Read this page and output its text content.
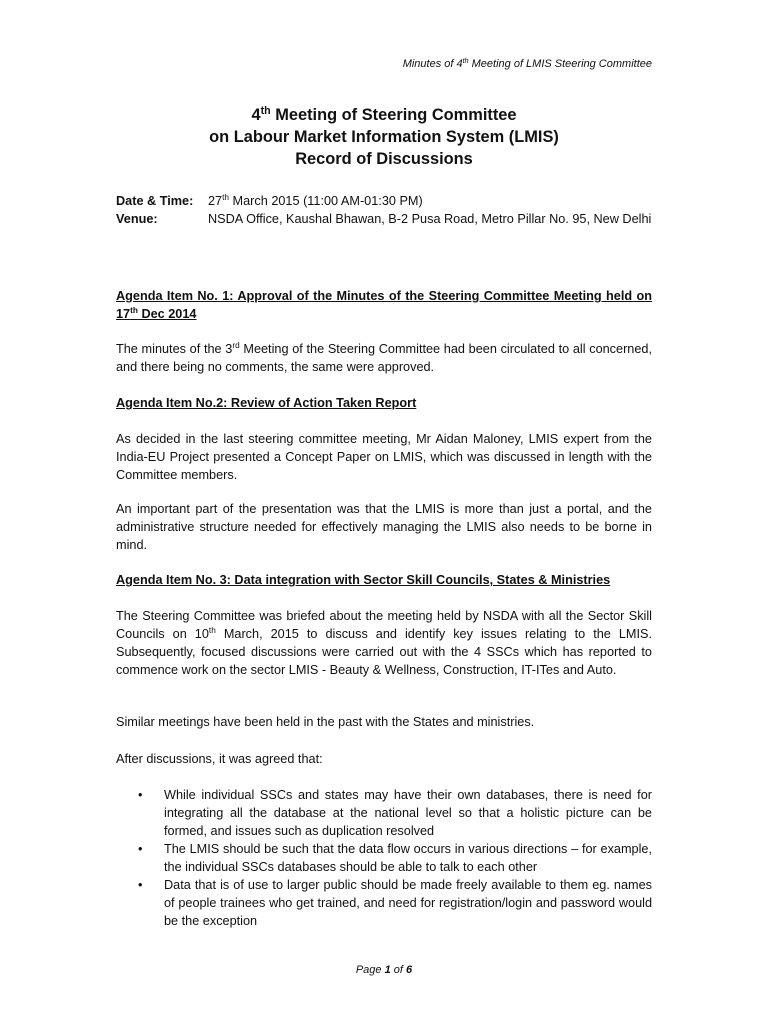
Minutes of 4th Meeting of LMIS Steering Committee
4th Meeting of Steering Committee
on Labour Market Information System (LMIS)
Record of Discussions
Date & Time:	27th March 2015 (11:00 AM-01:30 PM)
Venue:	NSDA Office, Kaushal Bhawan, B-2 Pusa Road, Metro Pillar No. 95, New Delhi
Agenda Item No. 1: Approval of the Minutes of the Steering Committee Meeting held on 17th Dec 2014
The minutes of the 3rd Meeting of the Steering Committee had been circulated to all concerned, and there being no comments, the same were approved.
Agenda Item No.2: Review of Action Taken Report
As decided in the last steering committee meeting, Mr Aidan Maloney, LMIS expert from the India-EU Project presented a Concept Paper on LMIS, which was discussed in length with the Committee members.
An important part of the presentation was that the LMIS is more than just a portal, and the administrative structure needed for effectively managing the LMIS also needs to be borne in mind.
Agenda Item No. 3: Data integration with Sector Skill Councils, States & Ministries
The Steering Committee was briefed about the meeting held by NSDA with all the Sector Skill Councils on 10th March, 2015 to discuss and identify key issues relating to the LMIS. Subsequently, focused discussions were carried out with the 4 SSCs which has reported to commence work on the sector LMIS - Beauty & Wellness, Construction, IT-ITes and Auto.
Similar meetings have been held in the past with the States and ministries.
After discussions, it was agreed that:
• While individual SSCs and states may have their own databases, there is need for integrating all the database at the national level so that a holistic picture can be formed, and issues such as duplication resolved
• The LMIS should be such that the data flow occurs in various directions – for example, the individual SSCs databases should be able to talk to each other
• Data that is of use to larger public should be made freely available to them eg. names of people trainees who get trained, and need for registration/login and password would be the exception
Page 1 of 6
